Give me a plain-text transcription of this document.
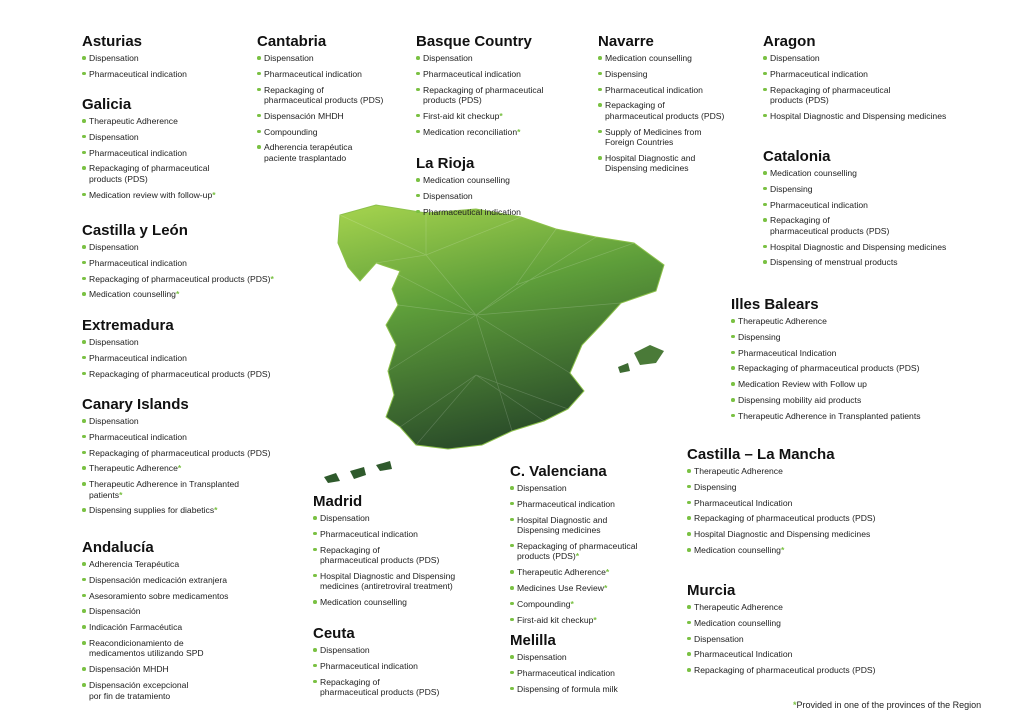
Asturias
Dispensation
Pharmaceutical indication
Galicia
Therapeutic Adherence
Dispensation
Pharmaceutical indication
Repackaging of pharmaceutical
products (PDS)
Medication review with follow-up*
Castilla y León
Dispensation
Pharmaceutical indication
Repackaging of pharmaceutical products (PDS)*
Medication counselling*
Extremadura
Dispensation
Pharmaceutical indication
Repackaging of pharmaceutical products (PDS)
Canary Islands
Dispensation
Pharmaceutical indication
Repackaging of pharmaceutical products (PDS)
Therapeutic Adherence*
Therapeutic Adherence in Transplanted
patients*
Dispensing supplies for diabetics*
Andalucía
Adherencia Terapéutica
Dispensación medicación extranjera
Asesoramiento sobre medicamentos
Dispensación
Indicación Farmacéutica
Reacondicionamiento de
medicamentos utilizando SPD
Dispensación MHDH
Dispensación excepcional
por fin de tratamiento
Cantabria
Dispensation
Pharmaceutical indication
Repackaging of
pharmaceutical products (PDS)
Dispensación MHDH
Compounding
Adherencia terapéutica
paciente trasplantado
Basque Country
Dispensation
Pharmaceutical indication
Repackaging of pharmaceutical
products (PDS)
First-aid kit checkup*
Medication reconciliation*
La Rioja
Medication counselling
Dispensation
Pharmaceutical indication
Navarre
Medication counselling
Dispensing
Pharmaceutical indication
Repackaging of
pharmaceutical products (PDS)
Supply of Medicines from
Foreign Countries
Hospital Diagnostic and
Dispensing medicines
Aragon
Dispensation
Pharmaceutical indication
Repackaging of pharmaceutical
products (PDS)
Hospital Diagnostic and Dispensing medicines
Catalonia
Medication counselling
Dispensing
Pharmaceutical indication
Repackaging of
pharmaceutical products (PDS)
Hospital Diagnostic and Dispensing medicines
Dispensing of menstrual products
Illes Balears
Therapeutic Adherence
Dispensing
Pharmaceutical Indication
Repackaging of pharmaceutical products (PDS)
Medication Review with Follow up
Dispensing mobility aid products
Therapeutic Adherence in Transplanted patients
Castilla – La Mancha
Therapeutic Adherence
Dispensing
Pharmaceutical Indication
Repackaging of pharmaceutical products (PDS)
Hospital Diagnostic and Dispensing medicines
Medication counselling*
Murcia
Therapeutic Adherence
Medication counselling
Dispensation
Pharmaceutical Indication
Repackaging of pharmaceutical products (PDS)
Madrid
Dispensation
Pharmaceutical indication
Repackaging of
pharmaceutical products (PDS)
Hospital Diagnostic and Dispensing
medicines (antiretroviral treatment)
Medication counselling
Ceuta
Dispensation
Pharmaceutical indication
Repackaging of
pharmaceutical products (PDS)
C. Valenciana
Dispensation
Pharmaceutical indication
Hospital Diagnostic and
Dispensing medicines
Repackaging of pharmaceutical
products (PDS)*
Therapeutic Adherence*
Medicines Use Review*
Compounding*
First-aid kit checkup*
Melilla
Dispensation
Pharmaceutical indication
Dispensing of formula milk
*Provided in one of the provinces of the Region
